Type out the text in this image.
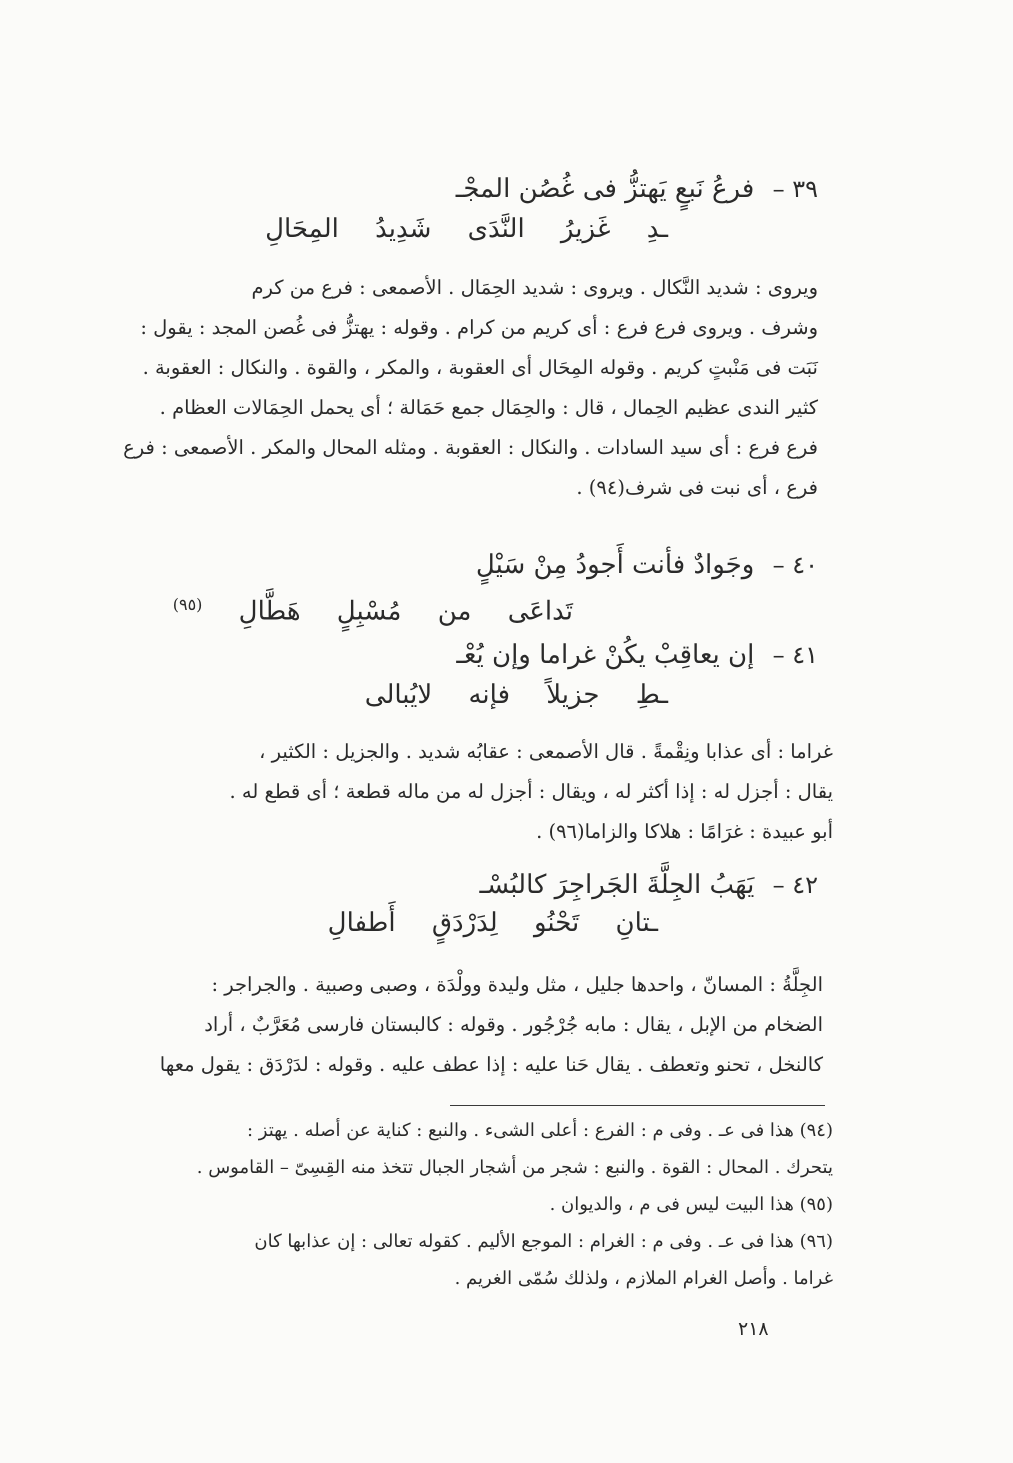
٣٩ – فرعُ نَبعٍ يَهتزُّ فى غُصُن المجْـ
ـدِ غَزيرُ النَّدَى شَدِيدُ المِحَالِ

ويروى : شديد النَّكال . ويروى : شديد الحِمَال . الأصمعى : فرع من كرم

وشرف . ويروى فرع فرع : أى كريم من كرام . وقوله : يهتزُّ فى غُصن المجد : يقول :

نَبَت فى مَنْبتٍ كريم . وقوله المِحَال أى العقوبة ، والمكر ، والقوة . والنكال : العقوبة .

كثير الندى عظيم الحِمال ، قال : والحِمَال جمع حَمَالة ؛ أى يحمل الحِمَالات العظام .

فرع فرع : أى سيد السادات . والنكال : العقوبة . ومثله المحال والمكر . الأصمعى : فرع

فرع ، أى نبت فى شرف(٩٤) .

٤٠ – وجَوادٌ فأنت أَجودُ مِنْ سَيْلٍ
تَداعَى من مُسْبِلٍ هَطَّالِ $^{(٩٥)}$
٤١ – إن يعاقِبْ يكُنْ غراما وإن يُعْـ
ـطِ جزيلاً فإنه لايُبالى

غراما : أى عذابا ونِقْمةً . قال الأصمعى : عقابُه شديد . والجزيل : الكثير ،

يقال : أجزل له : إذا أكثر له ، ويقال : أجزل له من ماله قطعة ؛ أى قطع له .

أبو عبيدة : غرَامًا : هلاكا والزاما(٩٦) .

٤٢ – يَهَبُ الجِلَّةَ الجَراجِرَ كالبُسْـ
ـتانِ تَحْنُو لِدَرْدَقٍ أَطفالِ

الجِلَّةُ : المسانّ ، واحدها جليل ، مثل وليدة وولْدَة ، وصبى وصبية . والجراجر :

الضخام من الإبل ، يقال : مابه جُرْجُور . وقوله : كالبستان فارسى مُعَرَّبٌ ، أراد

كالنخل ، تحنو وتعطف . يقال حَنا عليه : إذا عطف عليه . وقوله : لدَرْدَق : يقول معها

(٩٤) هذا فى عـ . وفى م : الفرع : أعلى الشىء . والنبع : كناية عن أصله . يهتز :

يتحرك . المحال : القوة . والنبع : شجر من أشجار الجبال تتخذ منه القِسِىّ – القاموس .

(٩٥) هذا البيت ليس فى م ، والديوان .

(٩٦) هذا فى عـ . وفى م : الغرام : الموجع الأليم . كقوله تعالى : إن عذابها كان

غراما . وأصل الغرام الملازم ، ولذلك سُمّى الغريم .

٢١٨
